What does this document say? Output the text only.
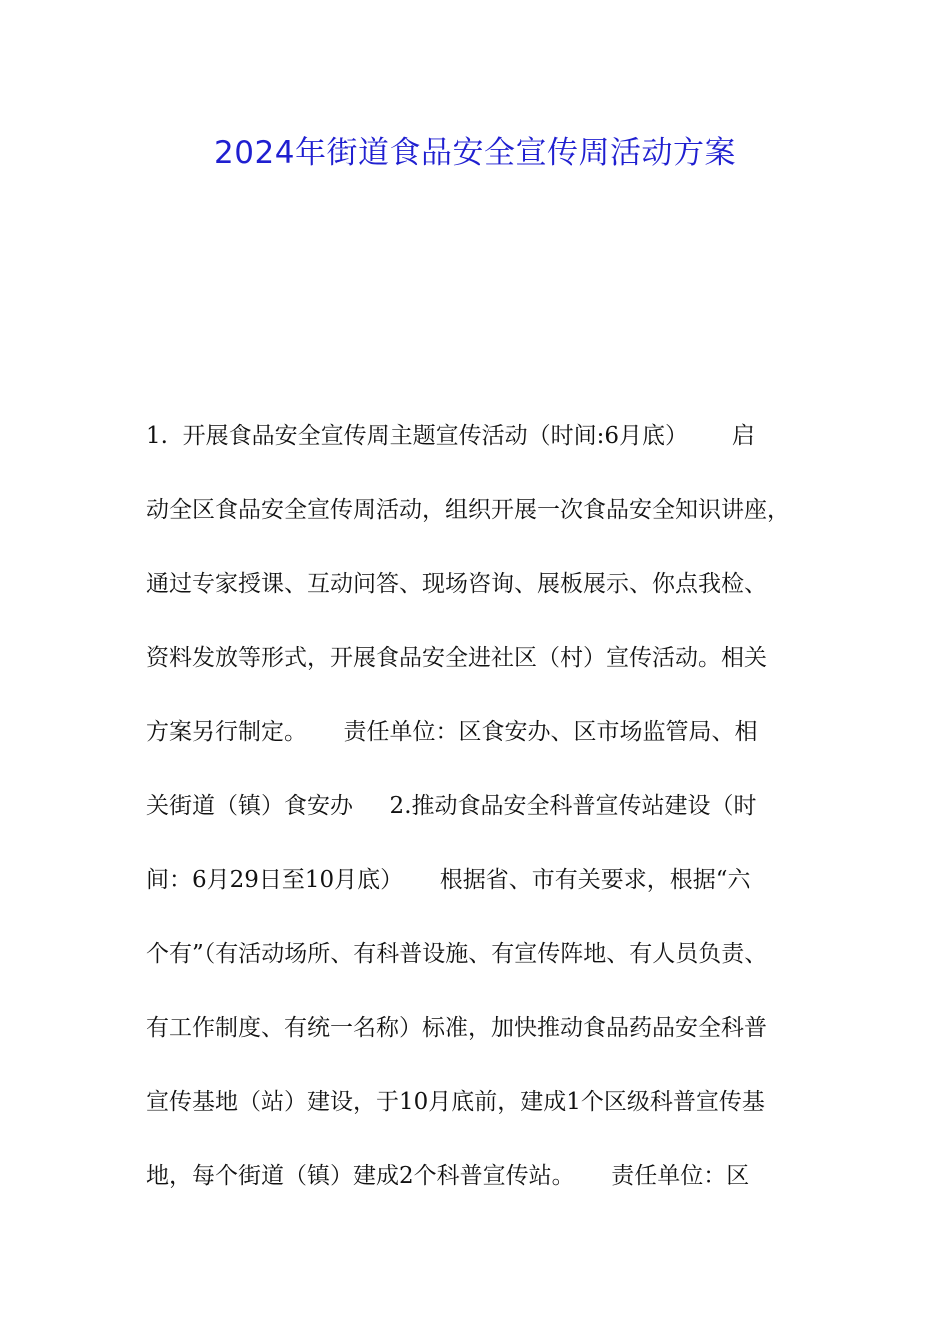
2024年街道食品安全宣传周活动方案
1.  开展食品安全宣传周主题宣传活动（时间:6月底）      启
动全区食品安全宣传周活动，组织开展一次食品安全知识讲座，
通过专家授课、互动问答、现场咨询、展板展示、你点我检、
资料发放等形式，开展食品安全进社区（村）宣传活动。相关
方案另行制定。     责任单位：区食安办、区市场监管局、相
关街道（镇）食安办     2.推动食品安全科普宣传站建设（时
间：6月29日至10月底）     根据省、市有关要求，根据“六
个有”（有活动场所、有科普设施、有宣传阵地、有人员负责、
有工作制度、有统一名称）标准，加快推动食品药品安全科普
宣传基地（站）建设，于10月底前，建成1个区级科普宣传基
地，每个街道（镇）建成2个科普宣传站。     责任单位：区
